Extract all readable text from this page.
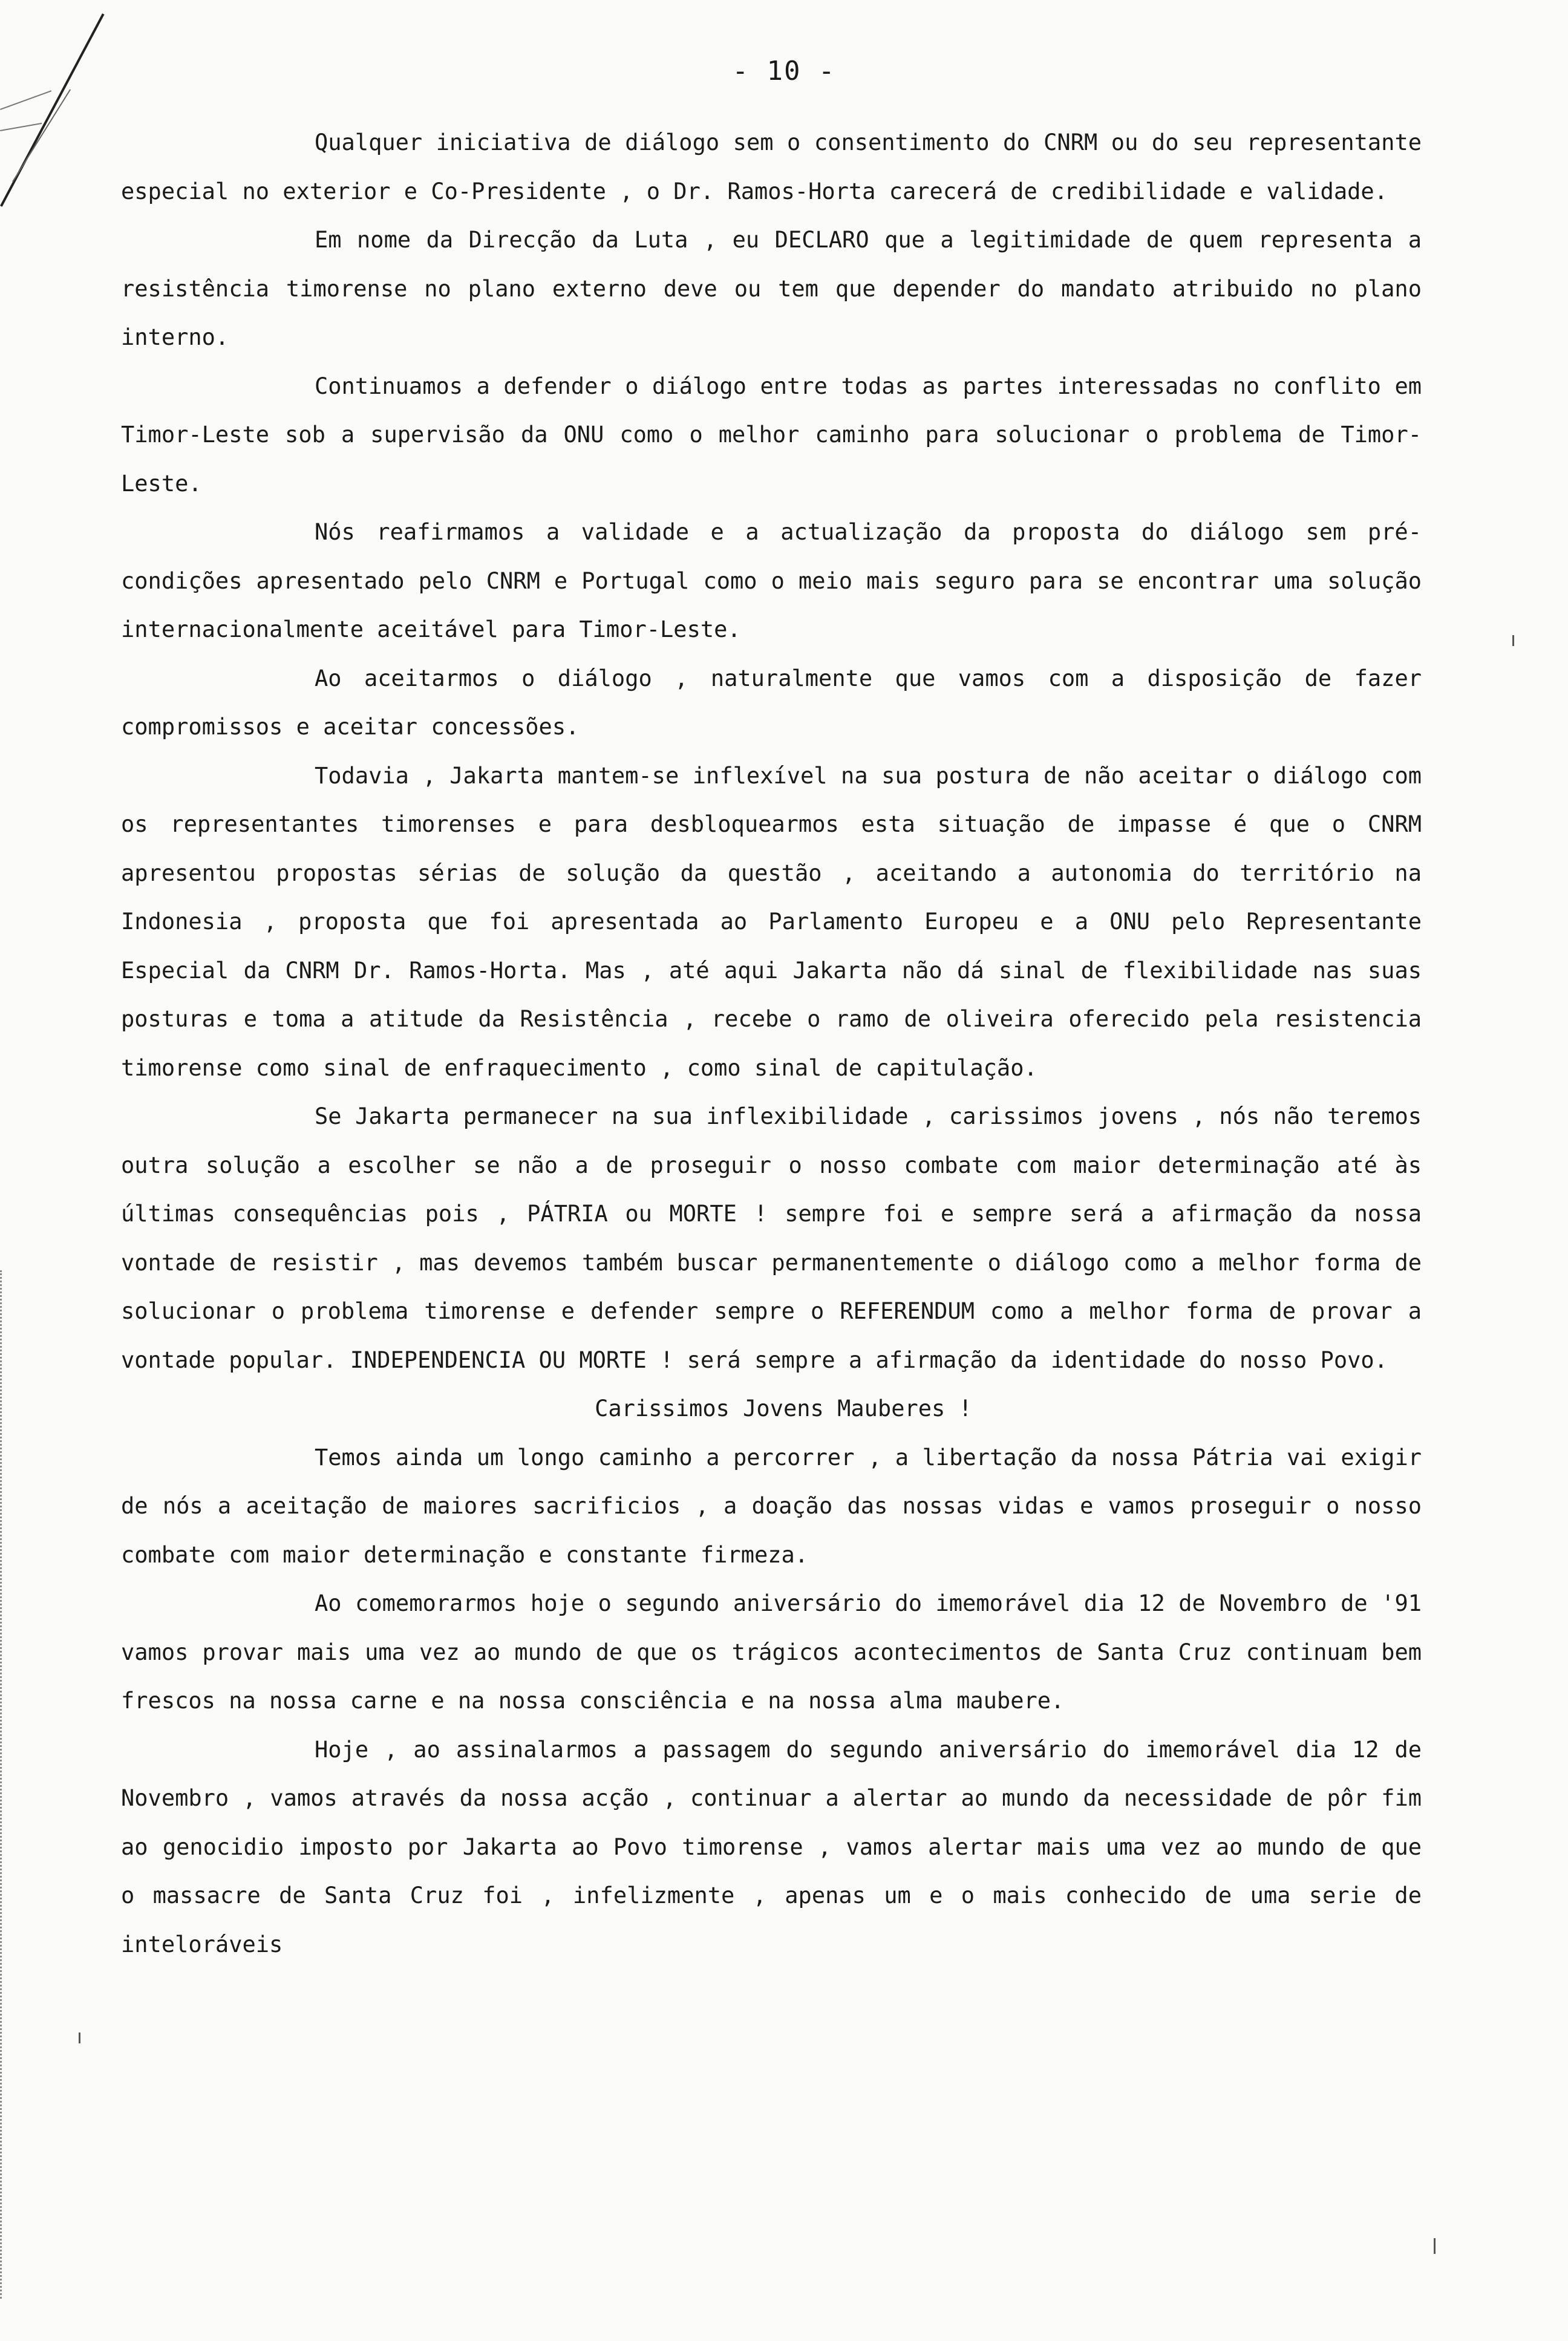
- 10 -

Qualquer iniciativa de diálogo sem o consentimento do CNRM ou do seu representante especial no exterior e Co-Presidente , o Dr. Ramos-Horta carecerá de credibilidade e validade.

Em nome da Direcção da Luta , eu DECLARO que a legitimidade de quem representa a resistência timorense no plano externo deve ou tem que depender do mandato atribuido no plano interno.

Continuamos a defender o diálogo entre todas as partes interessadas no conflito em Timor-Leste sob a supervisão da ONU como o melhor caminho para solucionar o problema de Timor-Leste.

Nós reafirmamos a validade e a actualização da proposta do diálogo sem pré-condições apresentado pelo CNRM e Portugal como o meio mais seguro para se encontrar uma solução internacionalmente aceitável para Timor-Leste.

Ao aceitarmos o diálogo , naturalmente que vamos com a disposição de fazer compromissos e aceitar concessões.

Todavia , Jakarta mantem-se inflexível na sua postura de não aceitar o diálogo com os representantes timorenses e para desbloquearmos esta situação de impasse é que o CNRM apresentou propostas sérias de solução da questão , aceitando a autonomia do território na Indonesia , proposta que foi apresentada ao Parlamento Europeu e a ONU pelo Representante Especial da CNRM Dr. Ramos-Horta. Mas , até aqui Jakarta não dá sinal de flexibilidade nas suas posturas e toma a atitude da Resistência , recebe o ramo de oliveira oferecido pela resistencia timorense como sinal de enfraquecimento , como sinal de capitulação.

Se Jakarta permanecer na sua inflexibilidade , carissimos jovens , nós não teremos outra solução a escolher se não a de proseguir o nosso combate com maior determinação até às últimas consequências pois , PÁTRIA ou MORTE ! sempre foi e sempre será a afirmação da nossa vontade de resistir , mas devemos também buscar permanentemente o diálogo como a melhor forma de solucionar o problema timorense e defender sempre o REFERENDUM como a melhor forma de provar a vontade popular. INDEPENDENCIA OU MORTE ! será sempre a afirmação da identidade do nosso Povo.

Carissimos Jovens Mauberes !

Temos ainda um longo caminho a percorrer , a libertação da nossa Pátria vai exigir de nós a aceitação de maiores sacrificios , a doação das nossas vidas e vamos proseguir o nosso combate com maior determinação e constante firmeza.

Ao comemorarmos hoje o segundo aniversário do imemorável dia 12 de Novembro de '91 vamos provar mais uma vez ao mundo de que os trágicos acontecimentos de Santa Cruz continuam bem frescos na nossa carne e na nossa consciência e na nossa alma maubere.

Hoje , ao assinalarmos a passagem do segundo aniversário do imemorável dia 12 de Novembro , vamos através da nossa acção , continuar a alertar ao mundo da necessidade de pôr fim ao genocidio imposto por Jakarta ao Povo timorense , vamos alertar mais uma vez ao mundo de que o massacre de Santa Cruz foi , infelizmente , apenas um e o mais conhecido de uma serie de inteloráveis
